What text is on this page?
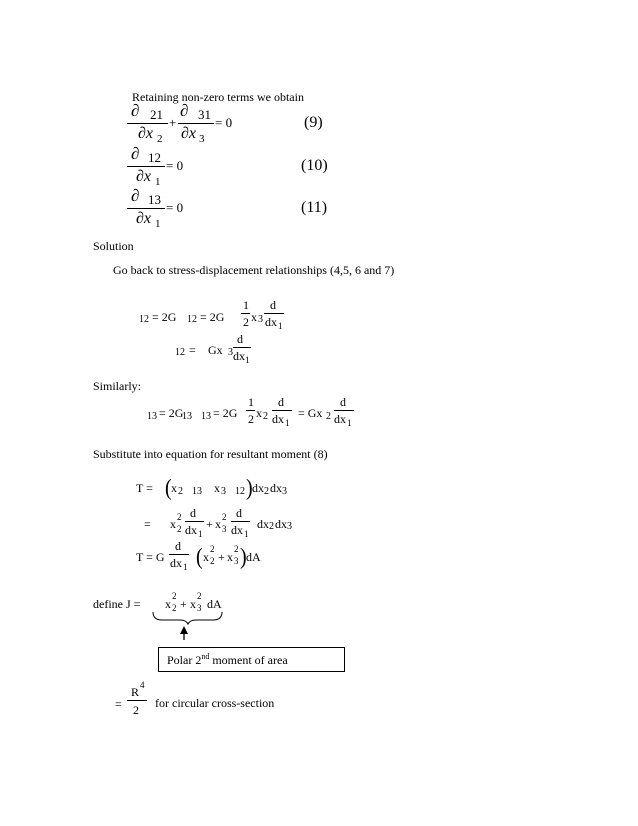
Retaining non-zero terms we obtain
∂ 21
∂x 2
+
∂ 31
∂x 3
= 0	(9)
∂ 12
∂x 1
= 0	(10)
∂ 13
∂x 1
= 0	(11)
Solution
Go back to stress-displacement relationships (4,5, 6 and 7)
12 = 2G 12 = 2G
1
2 x 3
d
dx 1
12 = Gx 3
d
dx 1
Similarly:
13 = 2G
13 13 = 2G
1
2 x 2
d
dx 1
= Gx 2
d
dx 1
Substitute into equation for resultant moment (8)
T = ( x 2 13 x 3 12 ) dx 2 dx 3
= x 2
2
d
dx 1
+ x 2
3
d
dx 1
dx 2 dx 3
T = G
d
dx 1 ( x
2
2 + x
2
3 ) dA
define J = x
2
2 + x
2
3 dA
Polar 2nd moment of area
=
R 4
2 for circular cross-section
